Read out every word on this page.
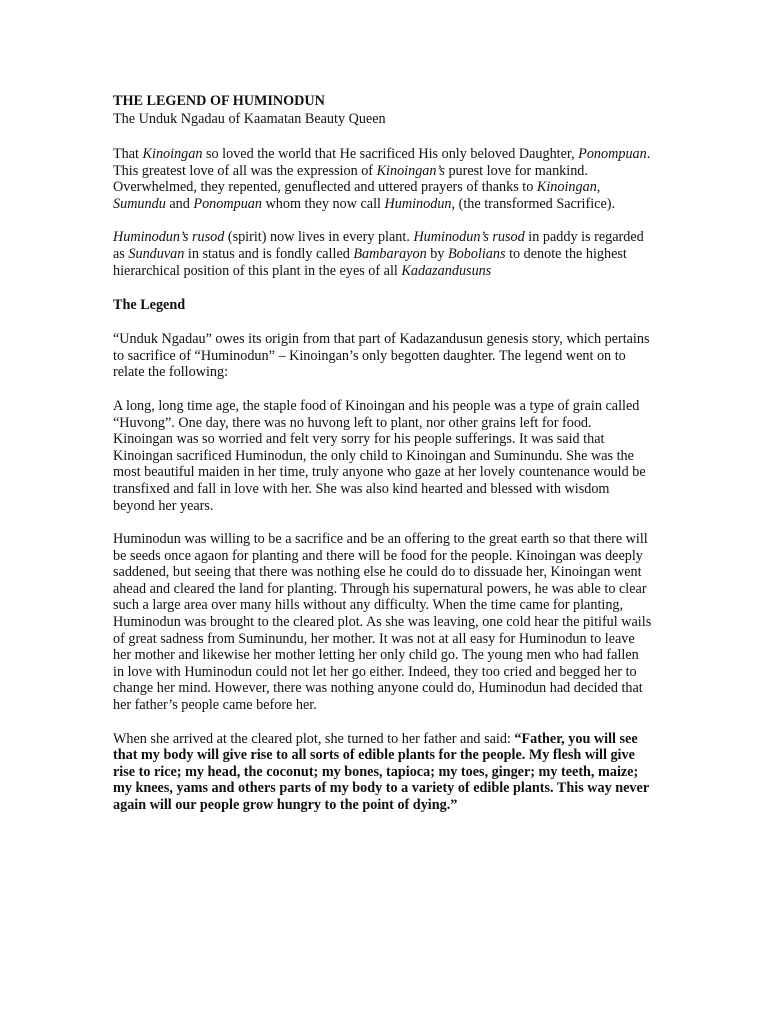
THE LEGEND OF HUMINODUN
The Unduk Ngadau of Kaamatan Beauty Queen

That Kinoingan so loved the world that He sacrificed His only beloved Daughter, Ponompuan. This greatest love of all was the expression of Kinoingan’s purest love for mankind. Overwhelmed, they repented, genuflected and uttered prayers of thanks to Kinoingan, Sumundu and Ponompuan whom they now call Huminodun, (the transformed Sacrifice).

Huminodun’s rusod (spirit) now lives in every plant. Huminodun’s rusod in paddy is regarded as Sunduvan in status and is fondly called Bambarayon by Bobolians to denote the highest hierarchical position of this plant in the eyes of all Kadazandusuns

The Legend

“Unduk Ngadau” owes its origin from that part of Kadazandusun genesis story, which pertains to sacrifice of “Huminodun” – Kinoingan’s only begotten daughter. The legend went on to relate the following:

A long, long time age, the staple food of Kinoingan and his people was a type of grain called “Huvong”. One day, there was no huvong left to plant, nor other grains left for food. Kinoingan was so worried and felt very sorry for his people sufferings. It was said that Kinoingan sacrificed Huminodun, the only child to Kinoingan and Suminundu. She was the most beautiful maiden in her time, truly anyone who gaze at her lovely countenance would be transfixed and fall in love with her. She was also kind hearted and blessed with wisdom beyond her years.

Huminodun was willing to be a sacrifice and be an offering to the great earth so that there will be seeds once agaon for planting and there will be food for the people. Kinoingan was deeply saddened, but seeing that there was nothing else he could do to dissuade her, Kinoingan went ahead and cleared the land for planting. Through his supernatural powers, he was able to clear such a large area over many hills without any difficulty. When the time came for planting, Huminodun was brought to the cleared plot. As she was leaving, one cold hear the pitiful wails of great sadness from Suminundu, her mother. It was not at all easy for Huminodun to leave her mother and likewise her mother letting her only child go. The young men who had fallen in love with Huminodun could not let her go either. Indeed, they too cried and begged her to change her mind. However, there was nothing anyone could do, Huminodun had decided that her father’s people came before her.

When she arrived at the cleared plot, she turned to her father and said: “Father, you will see that my body will give rise to all sorts of edible plants for the people. My flesh will give rise to rice; my head, the coconut; my bones, tapioca; my toes, ginger; my teeth, maize; my knees, yams and others parts of my body to a variety of edible plants. This way never again will our people grow hungry to the point of dying.”
